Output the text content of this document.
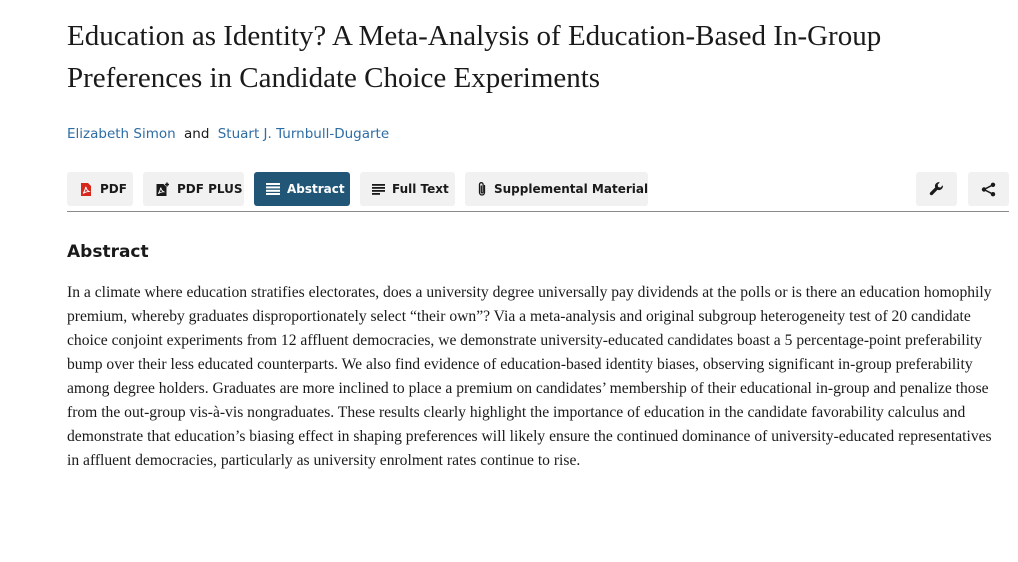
Education as Identity? A Meta-Analysis of Education-Based In-Group Preferences in Candidate Choice Experiments
Elizabeth Simon and Stuart J. Turnbull-Dugarte
PDF	PDF PLUS	Abstract	Full Text	Supplemental Material
Abstract

In a climate where education stratifies electorates, does a university degree universally pay dividends at the polls or is there an education homophily premium, whereby graduates disproportionately select “their own”? Via a meta-analysis and original subgroup heterogeneity test of 20 candidate choice conjoint experiments from 12 affluent democracies, we demonstrate university-educated candidates boast a 5 percentage-point preferability bump over their less educated counterparts. We also find evidence of education-based identity biases, observing significant in-group preferability among degree holders. Graduates are more inclined to place a premium on candidates’ membership of their educational in-group and penalize those from the out-group vis-à-vis nongraduates. These results clearly highlight the importance of education in the candidate favorability calculus and demonstrate that education’s biasing effect in shaping preferences will likely ensure the continued dominance of university-educated representatives in affluent democracies, particularly as university enrolment rates continue to rise.
